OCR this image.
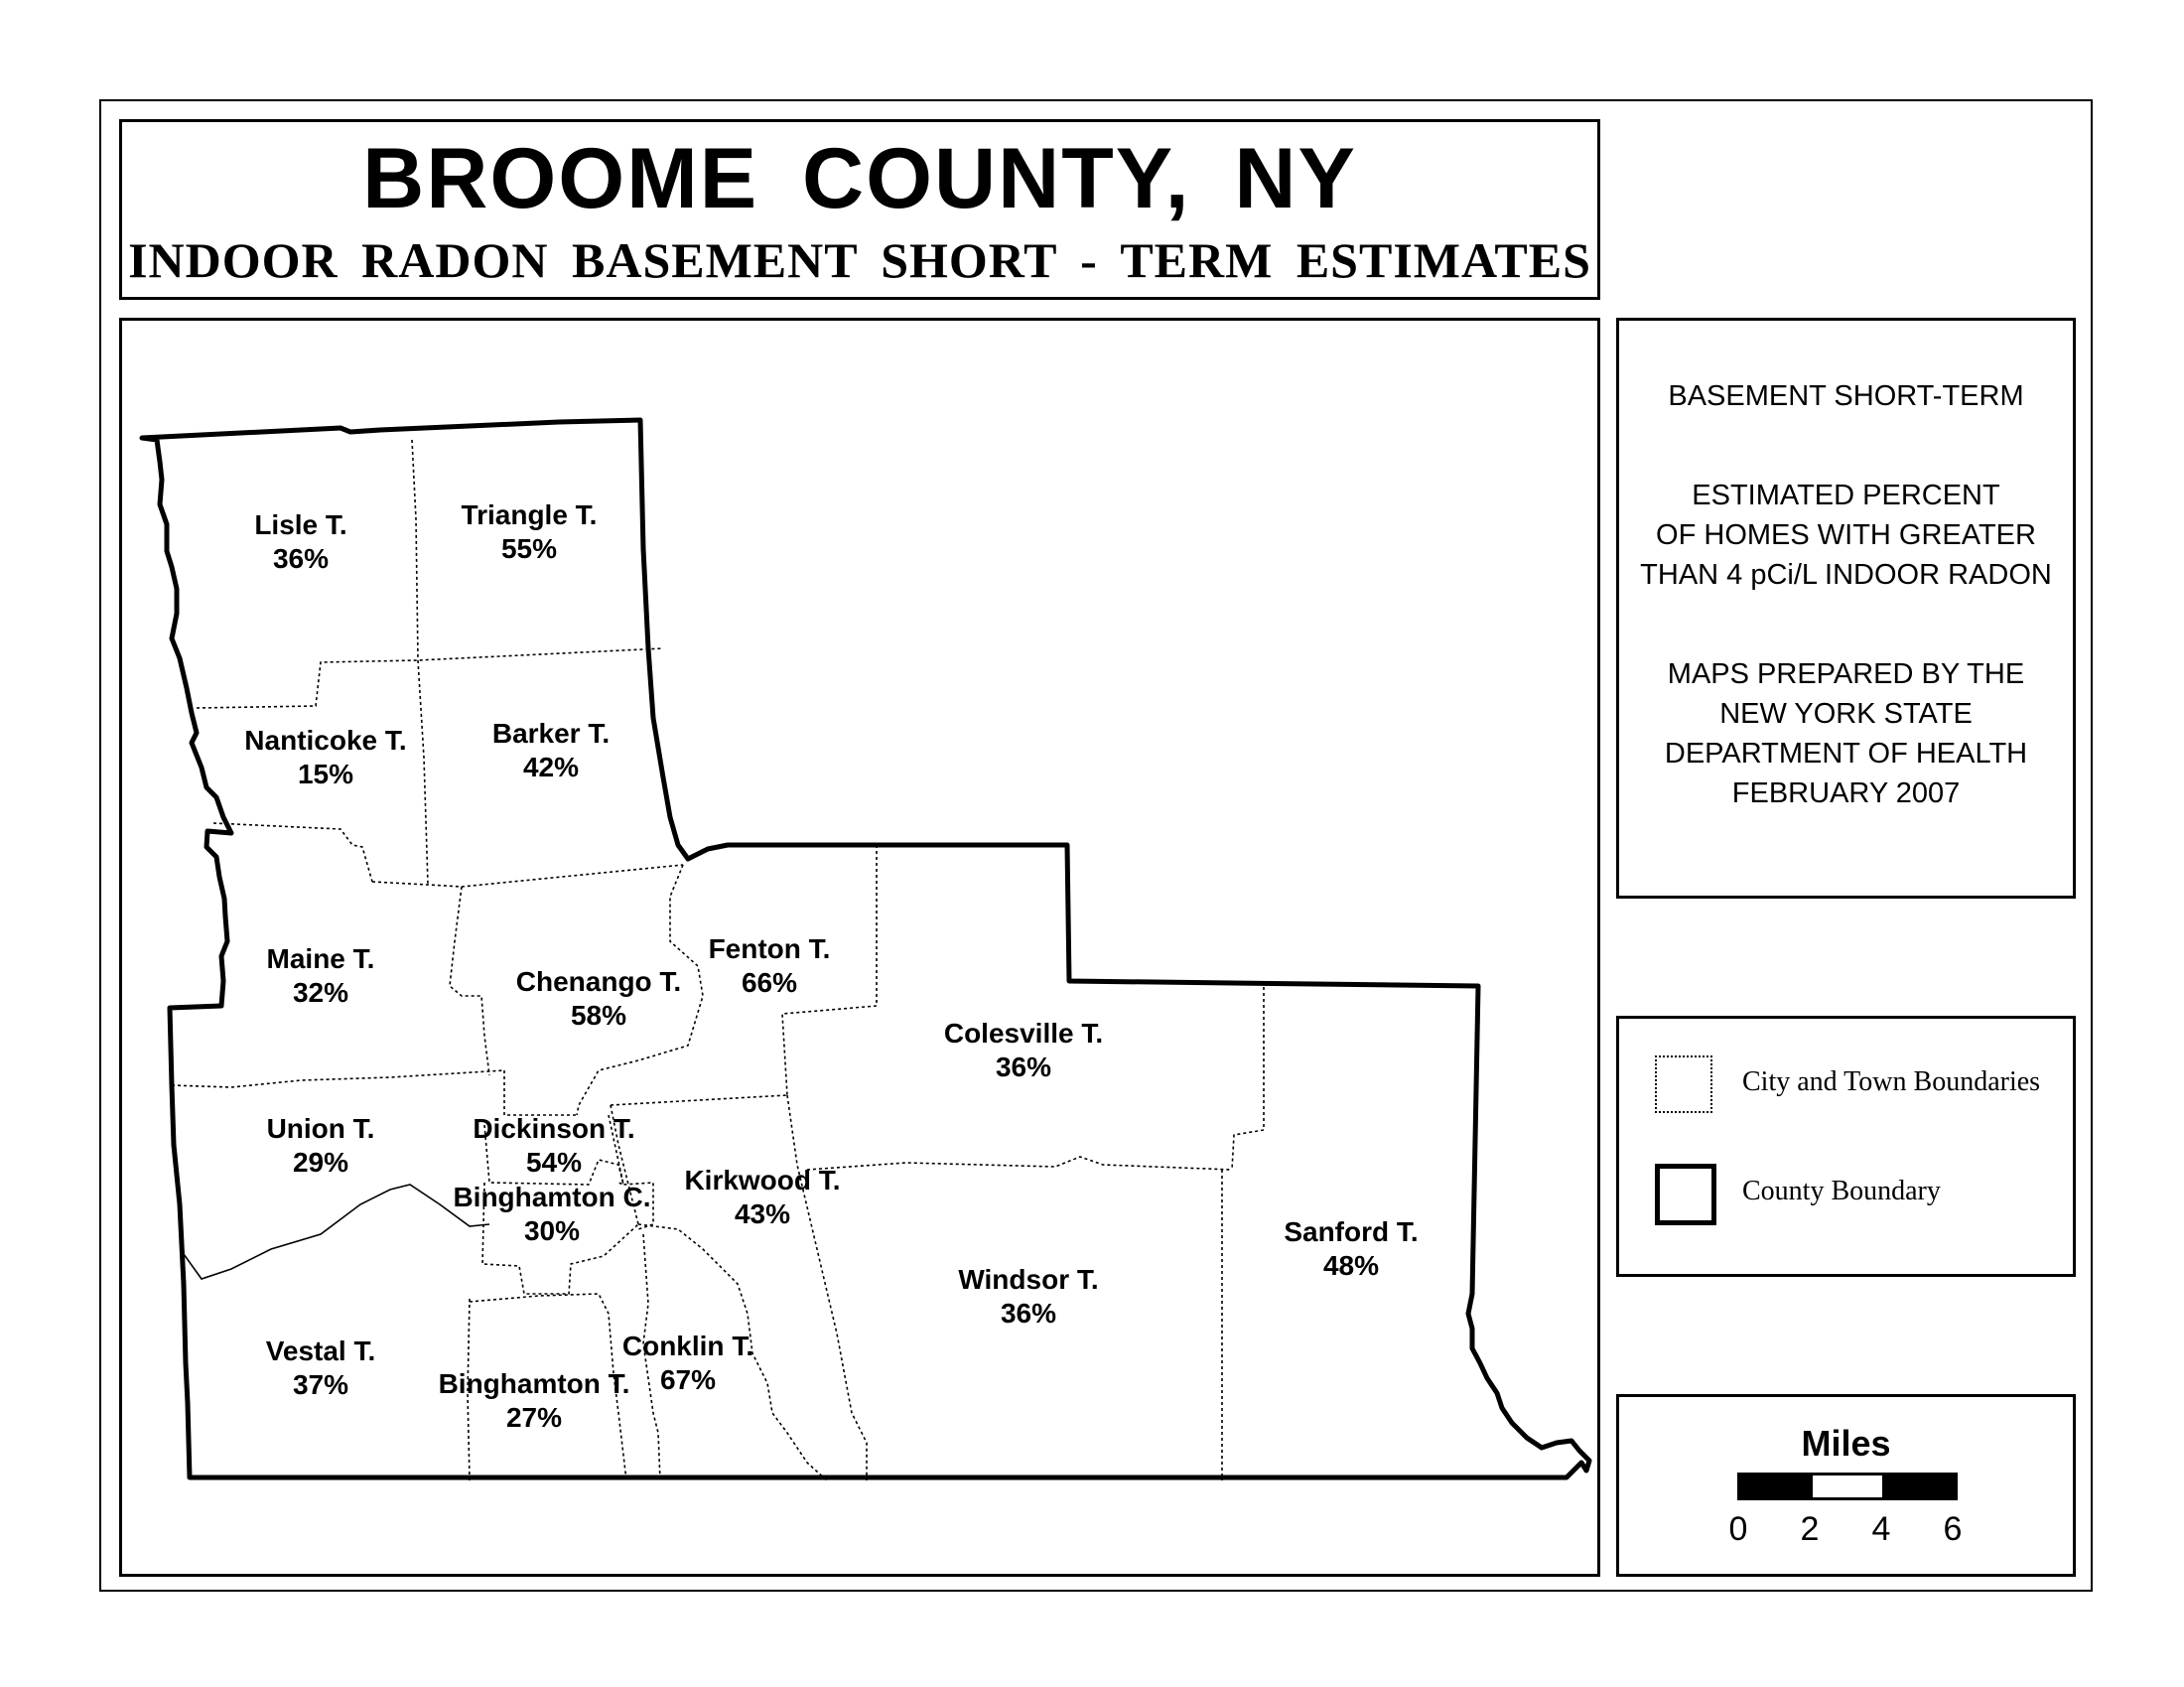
BROOME COUNTY, NY
INDOOR RADON BASEMENT SHORT - TERM ESTIMATES
Lisle T. 36%
Triangle T. 55%
Nanticoke T. 15%
Barker T. 42%
Maine T. 32%	Chenango T. 58%
Fenton T. 66%
Colesville T. 36%
Union T. 29%
Dickinson T. 54%
Binghamton C. 30%
Kirkwood T. 43%
Sanford T. 48%
Windsor T. 36%
Vestal T. 37%	Binghamton T. 27%
Conklin T. 67%
BASEMENT SHORT-TERM
ESTIMATED PERCENT
OF HOMES WITH GREATER
THAN 4 pCi/L INDOOR RADON
MAPS PREPARED BY THE
NEW YORK STATE
DEPARTMENT OF HEALTH
FEBRUARY 2007
City and Town Boundaries
County Boundary
Miles
0	2	4	6
